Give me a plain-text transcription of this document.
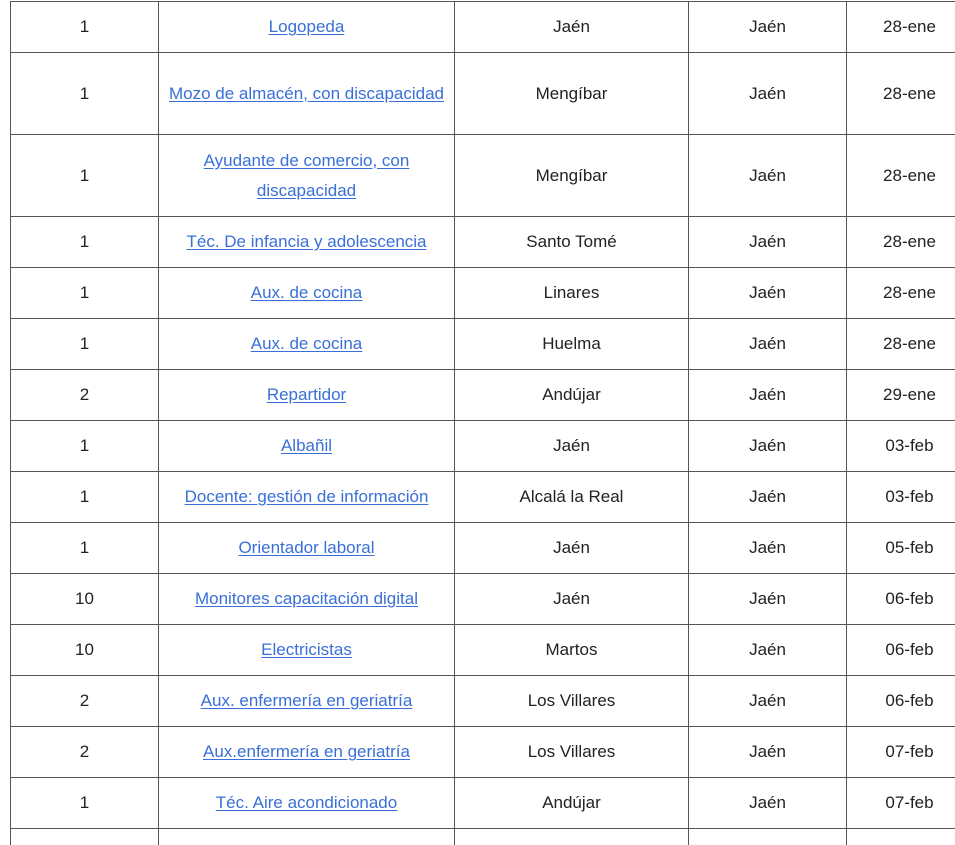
1	Logopeda	Jaén	Jaén	28-ene
1	Mozo de almacén, con discapacidad	Mengíbar	Jaén	28-ene
1	Ayudante de comercio, con discapacidad	Mengíbar	Jaén	28-ene
1	Téc. De infancia y adolescencia	Santo Tomé	Jaén	28-ene
1	Aux. de cocina	Linares	Jaén	28-ene
1	Aux. de cocina	Huelma	Jaén	28-ene
2	Repartidor	Andújar	Jaén	29-ene
1	Albañil	Jaén	Jaén	03-feb
1	Docente: gestión de información	Alcalá la Real	Jaén	03-feb
1	Orientador laboral	Jaén	Jaén	05-feb
10	Monitores capacitación digital	Jaén	Jaén	06-feb
10	Electricistas	Martos	Jaén	06-feb
2	Aux. enfermería en geriatría	Los Villares	Jaén	06-feb
2	Aux.enfermería en geriatría	Los Villares	Jaén	07-feb
1	Téc. Aire acondicionado	Andújar	Jaén	07-feb
